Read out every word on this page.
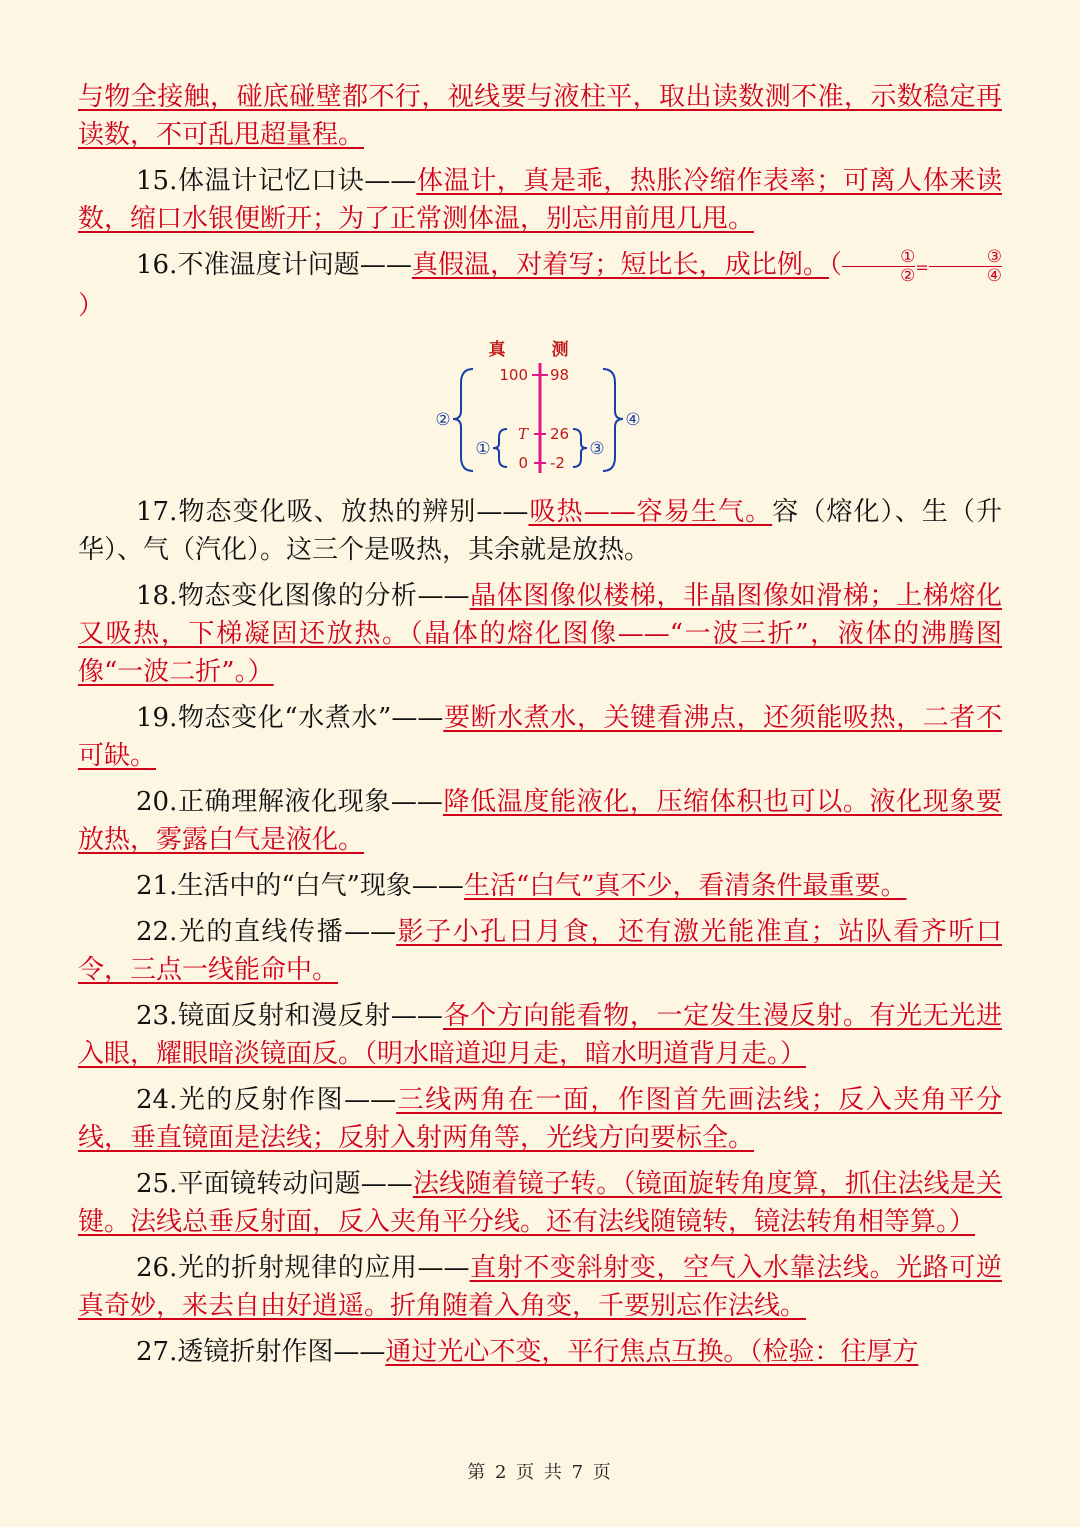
与物全接触，碰底碰壁都不行，视线要与液柱平，取出读数测不准，示数稳定再读数，不可乱甩超量程。

15.体温计记忆口诀——体温计，真是乖，热胀冷缩作表率；可离人体来读数，缩口水银便断开；为了正常测体温，别忘用前甩几甩。

16.不准温度计问题——真假温，对着写；短比长，成比例。（$\frac{\text{①}}{\text{②}} =\frac{\text{③}}{\text{④}}$
）

真	测
100
T
0
98
26
-2
②
①	③
④

17.物态变化吸、放热的辨别——吸热——容易生气。容（熔化）、生（升华）、气（汽化）。这三个是吸热，其余就是放热。

18.物态变化图像的分析——晶体图像似楼梯，非晶图像如滑梯；上梯熔化又吸热，下梯凝固还放热。（晶体的熔化图像——“一波三折”，液体的沸腾图像“一波二折”。）

19.物态变化“水煮水”——要断水煮水，关键看沸点，还须能吸热，二者不可缺。

20.正确理解液化现象——降低温度能液化，压缩体积也可以。液化现象要放热，雾露白气是液化。

21.生活中的“白气”现象——生活“白气”真不少，看清条件最重要。

22.光的直线传播——影子小孔日月食，还有激光能准直；站队看齐听口令，三点一线能命中。

23.镜面反射和漫反射——各个方向能看物，一定发生漫反射。有光无光进入眼，耀眼暗淡镜面反。（明水暗道迎月走，暗水明道背月走。）

24.光的反射作图——三线两角在一面，作图首先画法线；反入夹角平分线，垂直镜面是法线；反射入射两角等，光线方向要标全。

25.平面镜转动问题——法线随着镜子转。（镜面旋转角度算，抓住法线是关键。法线总垂反射面，反入夹角平分线。还有法线随镜转，镜法转角相等算。）

26.光的折射规律的应用——直射不变斜射变，空气入水靠法线。光路可逆真奇妙，来去自由好逍遥。折角随着入角变，千要别忘作法线。

27.透镜折射作图——通过光心不变，平行焦点互换。（检验：往厚方

第 2 页 共 7 页
